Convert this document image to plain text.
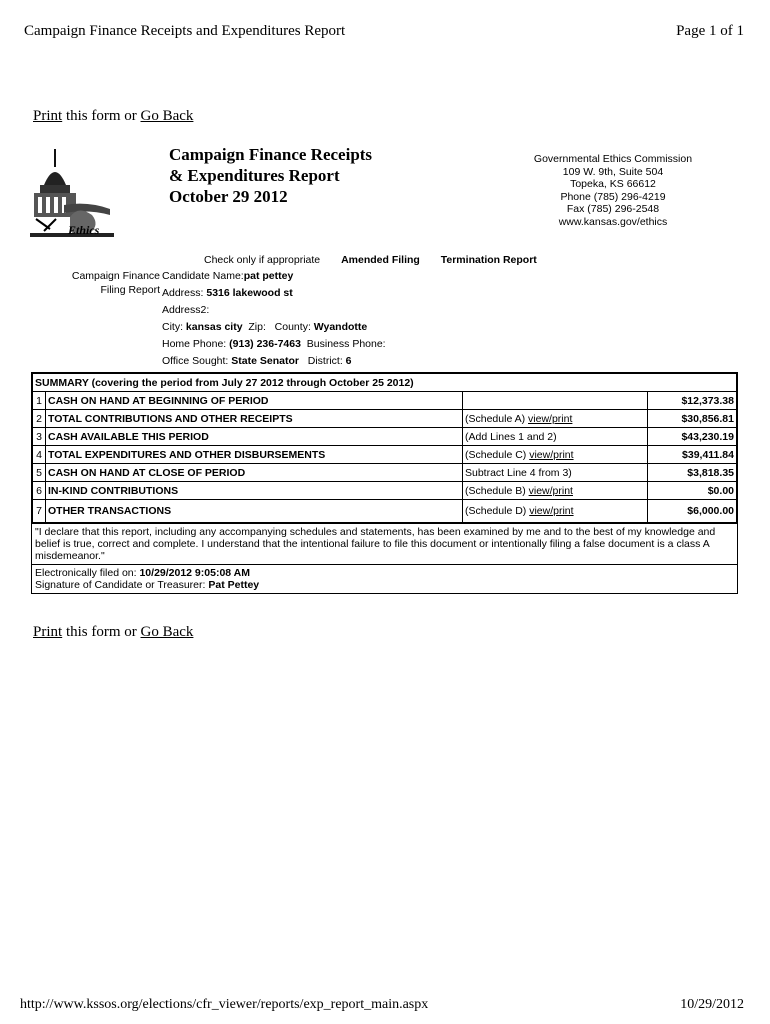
Campaign Finance Receipts and Expenditures Report	Page 1 of 1
Print this form or Go Back
Ethics
Campaign Finance Receipts
& Expenditures Report
October 29 2012
Governmental Ethics Commission
109 W. 9th, Suite 504
Topeka, KS 66612
Phone (785) 296-4219
Fax (785) 296-2548
www.kansas.gov/ethics
Check only if appropriate Amended Filing Termination Report
Campaign Finance
Filing Report
Candidate Name:pat pettey
Address: 5316 lakewood st
Address2:
City: kansas city Zip: County: Wyandotte
Home Phone: (913) 236-7463 Business Phone:
Office Sought: State Senator District: 6
SUMMARY (covering the period from July 27 2012 through October 25 2012)			
1	CASH ON HAND AT BEGINNING OF PERIOD		$12,373.38
2	TOTAL CONTRIBUTIONS AND OTHER RECEIPTS	(Schedule A) view/print	$30,856.81
3	CASH AVAILABLE THIS PERIOD	(Add Lines 1 and 2)	$43,230.19
4	TOTAL EXPENDITURES AND OTHER DISBURSEMENTS	(Schedule C) view/print	$39,411.84
5	CASH ON HAND AT CLOSE OF PERIOD	Subtract Line 4 from 3)	$3,818.35
6	IN-KIND CONTRIBUTIONS	(Schedule B) view/print	$0.00
7	OTHER TRANSACTIONS	(Schedule D) view/print	$6,000.00
"I declare that this report, including any accompanying schedules and statements, has been examined by me and to the best of my knowledge and belief is true, correct and complete. I understand that the intentional failure to file this document or intentionally filing a false document is a class A misdemeanor."
Electronically filed on: 10/29/2012 9:05:08 AM
Signature of Candidate or Treasurer: Pat Pettey
Print this form or Go Back
http://www.kssos.org/elections/cfr_viewer/reports/exp_report_main.aspx	10/29/2012
